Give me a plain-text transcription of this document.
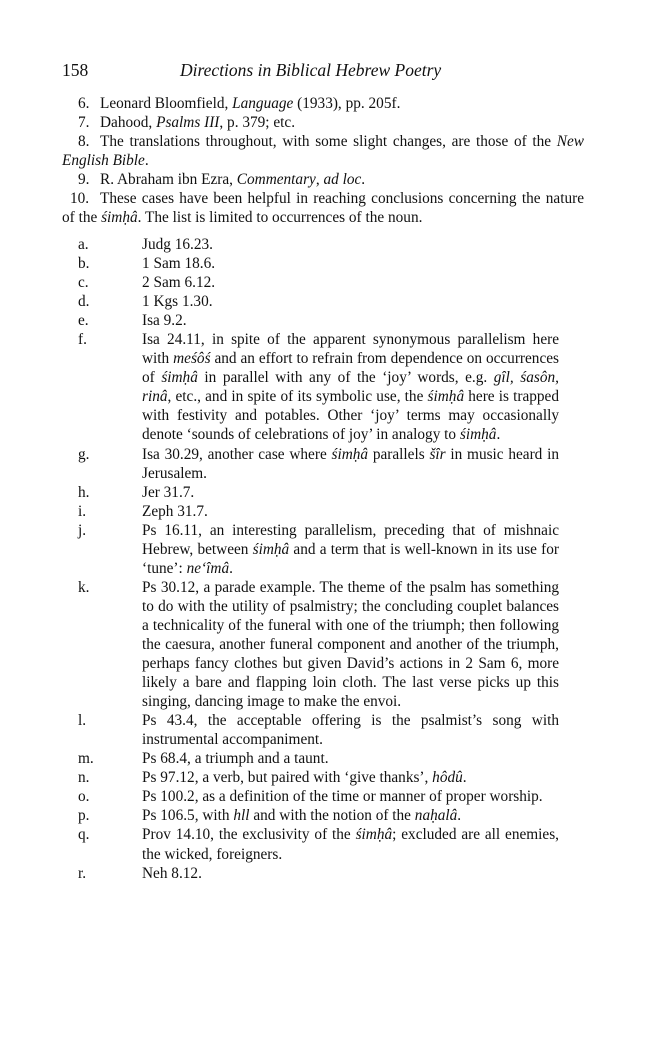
158	Directions in Biblical Hebrew Poetry
6. Leonard Bloomfield, Language (1933), pp. 205f.
7. Dahood, Psalms III, p. 379; etc.
8. The translations throughout, with some slight changes, are those of the New English Bible.
9. R. Abraham ibn Ezra, Commentary, ad loc.
10. These cases have been helpful in reaching conclusions concerning the nature of the śimḥâ. The list is limited to occurrences of the noun.
a.	Judg 16.23.
b.	1 Sam 18.6.
c.	2 Sam 6.12.
d.	1 Kgs 1.30.
e.	Isa 9.2.
f.	Isa 24.11, in spite of the apparent synonymous parallelism here with meśôś and an effort to refrain from dependence on occurrences of śimḥâ in parallel with any of the ‘joy’ words, e.g. gîl, śasôn, rinâ, etc., and in spite of its symbolic use, the śimḥâ here is trapped with festivity and potables. Other ‘joy’ terms may occasionally denote ‘sounds of celebrations of joy’ in analogy to śimḥâ.
g.	Isa 30.29, another case where śimḥâ parallels šîr in music heard in Jerusalem.
h.	Jer 31.7.
i.	Zeph 31.7.
j.	Ps 16.11, an interesting parallelism, preceding that of mishnaic Hebrew, between śimḥâ and a term that is well-known in its use for ‘tune’: ne‘îmâ.
k.	Ps 30.12, a parade example. The theme of the psalm has something to do with the utility of psalmistry; the concluding couplet balances a technicality of the funeral with one of the triumph; then following the caesura, another funeral component and another of the triumph, perhaps fancy clothes but given David’s actions in 2 Sam 6, more likely a bare and flapping loin cloth. The last verse picks up this singing, dancing image to make the envoi.
l.	Ps 43.4, the acceptable offering is the psalmist’s song with instrumental accompaniment.
m.	Ps 68.4, a triumph and a taunt.
n.	Ps 97.12, a verb, but paired with ‘give thanks’, hôdû.
o.	Ps 100.2, as a definition of the time or manner of proper worship.
p.	Ps 106.5, with hll and with the notion of the naḥalâ.
q.	Prov 14.10, the exclusivity of the śimḥâ; excluded are all enemies, the wicked, foreigners.
r.	Neh 8.12.
